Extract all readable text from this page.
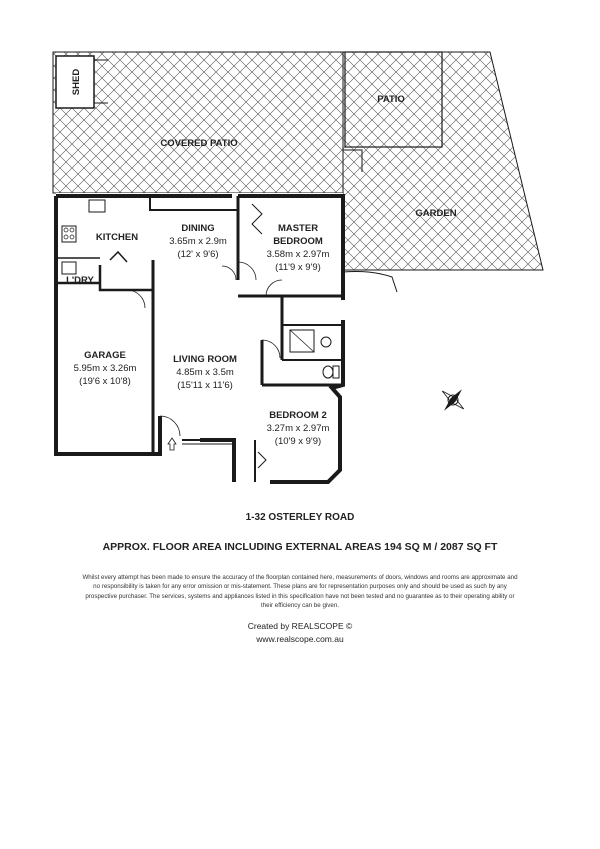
SHED
PATIO
COVERED PATIO
GARDEN
KITCHEN
L'DRY
DINING
3.65m x 2.9m
(12' x 9'6)
MASTER
BEDROOM
3.58m x 2.97m
(11'9 x 9'9)
GARAGE
5.95m x 3.26m
(19'6 x 10'8)
LIVING ROOM
4.85m x 3.5m
(15'11 x 11'6)
BEDROOM 2
3.27m x 2.97m
(10'9 x 9'9)
1-32 OSTERLEY ROAD
APPROX. FLOOR AREA INCLUDING EXTERNAL AREAS 194 SQ M / 2087 SQ FT
Whilst every attempt has been made to ensure the accuracy of the floorplan contained here, measurements of doors, windows and rooms are approximate and no responsibility is taken for any error omission or mis-statement. These plans are for representation purposes only and should be used as such by any prospective purchaser. The services, systems and appliances listed in this specification have not been tested and no guarantee as to their operating ability or their efficiency can be given.
Created by REALSCOPE ©
www.realscope.com.au
